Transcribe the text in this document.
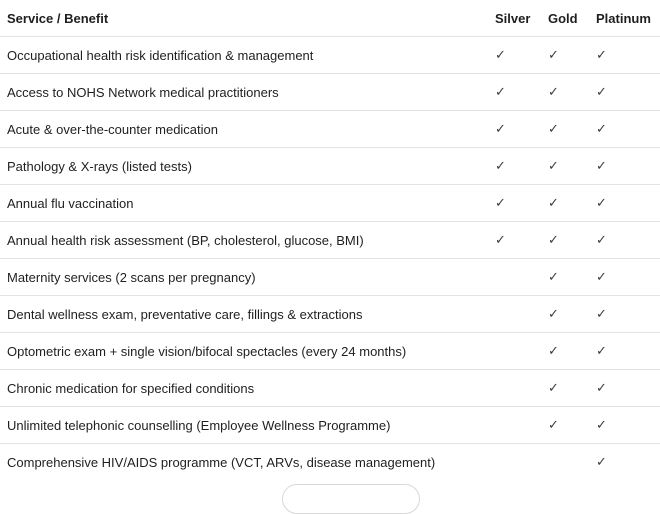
Service / Benefit	Silver	Gold	Platinum
Occupational health risk identification & management	✓	✓	✓
Access to NOHS Network medical practitioners	✓	✓	✓
Acute & over-the-counter medication	✓	✓	✓
Pathology & X-rays (listed tests)	✓	✓	✓
Annual flu vaccination	✓	✓	✓
Annual health risk assessment (BP, cholesterol, glucose, BMI)	✓	✓	✓
Maternity services (2 scans per pregnancy)		✓	✓
Dental wellness exam, preventative care, fillings & extractions		✓	✓
Optometric exam + single vision/bifocal spectacles (every 24 months)		✓	✓
Chronic medication for specified conditions		✓	✓
Unlimited telephonic counselling (Employee Wellness Programme)		✓	✓
Comprehensive HIV/AIDS programme (VCT, ARVs, disease management)			✓
